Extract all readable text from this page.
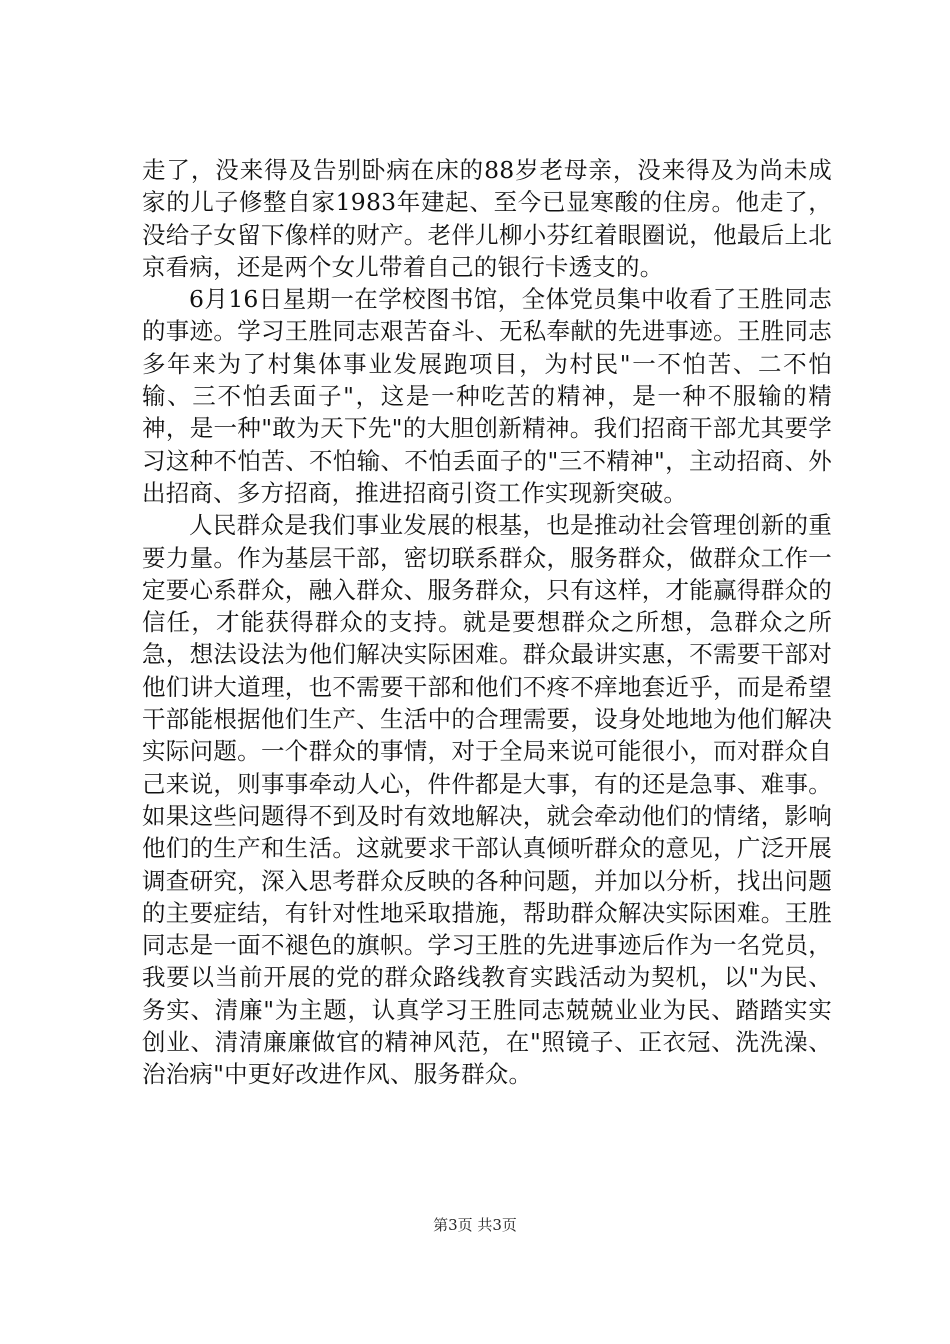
走了，没来得及告别卧病在床的88岁老母亲，没来得及为尚未成家的儿子修整自家1983年建起、至今已显寒酸的住房。他走了，没给子女留下像样的财产。老伴儿柳小芬红着眼圈说，他最后上北京看病，还是两个女儿带着自己的银行卡透支的。

6月16日星期一在学校图书馆，全体党员集中收看了王胜同志的事迹。学习王胜同志艰苦奋斗、无私奉献的先进事迹。王胜同志多年来为了村集体事业发展跑项目，为村民"一不怕苦、二不怕输、三不怕丢面子"，这是一种吃苦的精神，是一种不服输的精神，是一种"敢为天下先"的大胆创新精神。我们招商干部尤其要学习这种不怕苦、不怕输、不怕丢面子的"三不精神"，主动招商、外出招商、多方招商，推进招商引资工作实现新突破。

人民群众是我们事业发展的根基，也是推动社会管理创新的重要力量。作为基层干部，密切联系群众，服务群众，做群众工作一定要心系群众，融入群众、服务群众，只有这样，才能赢得群众的信任，才能获得群众的支持。就是要想群众之所想，急群众之所急，想法设法为他们解决实际困难。群众最讲实惠，不需要干部对他们讲大道理，也不需要干部和他们不疼不痒地套近乎，而是希望干部能根据他们生产、生活中的合理需要，设身处地地为他们解决实际问题。一个群众的事情，对于全局来说可能很小，而对群众自己来说，则事事牵动人心，件件都是大事，有的还是急事、难事。如果这些问题得不到及时有效地解决，就会牵动他们的情绪，影响他们的生产和生活。这就要求干部认真倾听群众的意见，广泛开展调查研究，深入思考群众反映的各种问题，并加以分析，找出问题的主要症结，有针对性地采取措施，帮助群众解决实际困难。王胜同志是一面不褪色的旗帜。学习王胜的先进事迹后作为一名党员，我要以当前开展的党的群众路线教育实践活动为契机，以"为民、务实、清廉"为主题，认真学习王胜同志兢兢业业为民、踏踏实实创业、清清廉廉做官的精神风范，在"照镜子、正衣冠、洗洗澡、治治病"中更好改进作风、服务群众。

第3页 共3页
